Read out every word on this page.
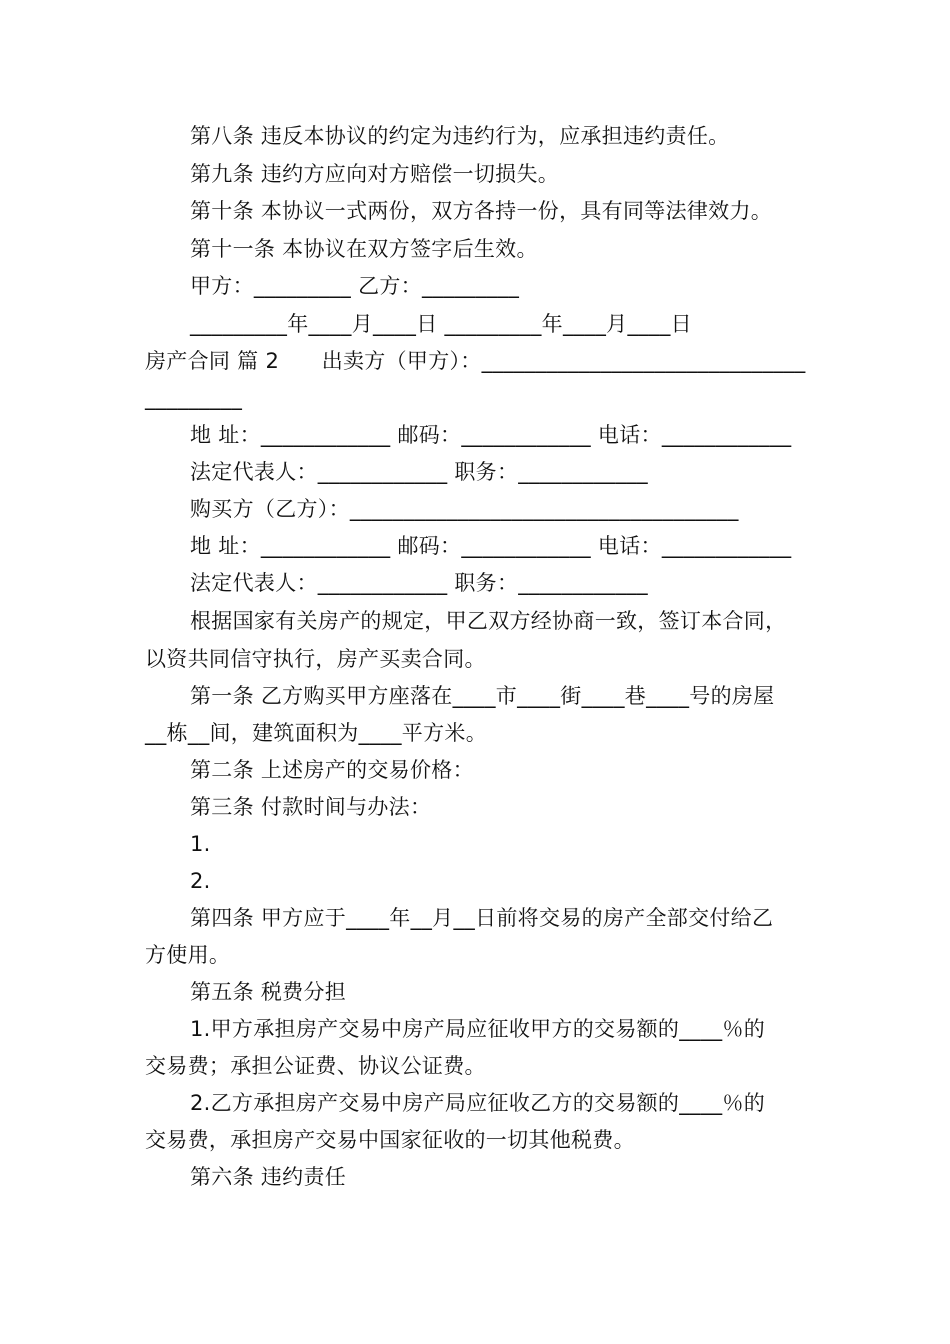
第八条 违反本协议的约定为违约行为，应承担违约责任。
第九条 违约方应向对方赔偿一切损失。
第十条 本协议一式两份，双方各持一份，具有同等法律效力。
第十一条 本协议在双方签字后生效。
甲方：_________ 乙方：_________
_________年____月____日 _________年____月____日
房产合同 篇 2　　出卖方（甲方）：______________________________
_________
地 址：____________ 邮码：____________ 电话：____________
法定代表人：____________ 职务：____________
购买方（乙方）：____________________________________
地 址：____________ 邮码：____________ 电话：____________
法定代表人：____________ 职务：____________
根据国家有关房产的规定，甲乙双方经协商一致，签订本合同，
以资共同信守执行，房产买卖合同。
第一条 乙方购买甲方座落在____市____街____巷____号的房屋
__栋__间，建筑面积为____平方米。
第二条 上述房产的交易价格：
第三条 付款时间与办法：
1.
2.
第四条 甲方应于____年__月__日前将交易的房产全部交付给乙
方使用。
第五条 税费分担
1.甲方承担房产交易中房产局应征收甲方的交易额的____％的
交易费；承担公证费、协议公证费。
2.乙方承担房产交易中房产局应征收乙方的交易额的____％的
交易费，承担房产交易中国家征收的一切其他税费。
第六条 违约责任
